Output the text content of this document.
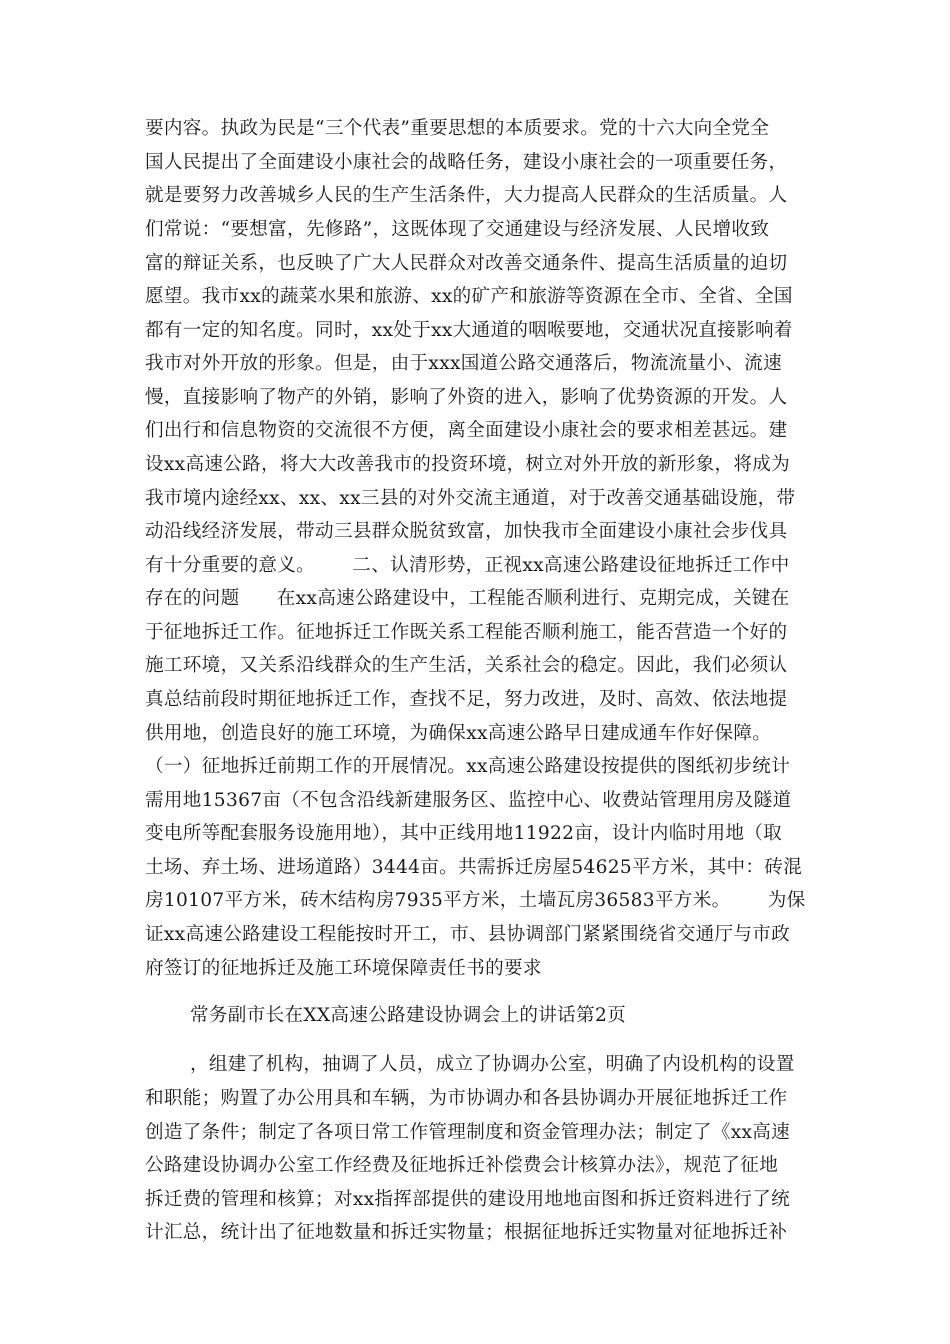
要内容。执政为民是“三个代表”重要思想的本质要求。党的十六大向全党全
国人民提出了全面建设小康社会的战略任务，建设小康社会的一项重要任务，
就是要努力改善城乡人民的生产生活条件，大力提高人民群众的生活质量。人
们常说：“要想富，先修路”，这既体现了交通建设与经济发展、人民增收致
富的辩证关系，也反映了广大人民群众对改善交通条件、提高生活质量的迫切
愿望。我市xx的蔬菜水果和旅游、xx的矿产和旅游等资源在全市、全省、全国
都有一定的知名度。同时，xx处于xx大通道的咽喉要地，交通状况直接影响着
我市对外开放的形象。但是，由于xxx国道公路交通落后，物流流量小、流速
慢，直接影响了物产的外销，影响了外资的进入，影响了优势资源的开发。人
们出行和信息物资的交流很不方便，离全面建设小康社会的要求相差甚远。建
设xx高速公路，将大大改善我市的投资环境，树立对外开放的新形象，将成为
我市境内途经xx、xx、xx三县的对外交流主通道，对于改善交通基础设施，带
动沿线经济发展，带动三县群众脱贫致富，加快我市全面建设小康社会步伐具
有十分重要的意义。      二、认清形势，正视xx高速公路建设征地拆迁工作中
存在的问题      在xx高速公路建设中，工程能否顺利进行、克期完成，关键在
于征地拆迁工作。征地拆迁工作既关系工程能否顺利施工，能否营造一个好的
施工环境，又关系沿线群众的生产生活，关系社会的稳定。因此，我们必须认
真总结前段时期征地拆迁工作，查找不足，努力改进，及时、高效、依法地提
供用地，创造良好的施工环境，为确保xx高速公路早日建成通车作好保障。
（一）征地拆迁前期工作的开展情况。xx高速公路建设按提供的图纸初步统计
需用地15367亩（不包含沿线新建服务区、监控中心、收费站管理用房及隧道
变电所等配套服务设施用地），其中正线用地11922亩，设计内临时用地（取
土场、弃土场、进场道路）3444亩。共需拆迁房屋54625平方米，其中：砖混
房10107平方米，砖木结构房7935平方米，土墙瓦房36583平方米。      为保
证xx高速公路建设工程能按时开工，市、县协调部门紧紧围绕省交通厅与市政
府签订的征地拆迁及施工环境保障责任书的要求
常务副市长在XX高速公路建设协调会上的讲话第2页
，组建了机构，抽调了人员，成立了协调办公室，明确了内设机构的设置
和职能；购置了办公用具和车辆，为市协调办和各县协调办开展征地拆迁工作
创造了条件；制定了各项日常工作管理制度和资金管理办法；制定了《xx高速
公路建设协调办公室工作经费及征地拆迁补偿费会计核算办法》，规范了征地
拆迁费的管理和核算；对xx指挥部提供的建设用地地亩图和拆迁资料进行了统
计汇总，统计出了征地数量和拆迁实物量；根据征地拆迁实物量对征地拆迁补
